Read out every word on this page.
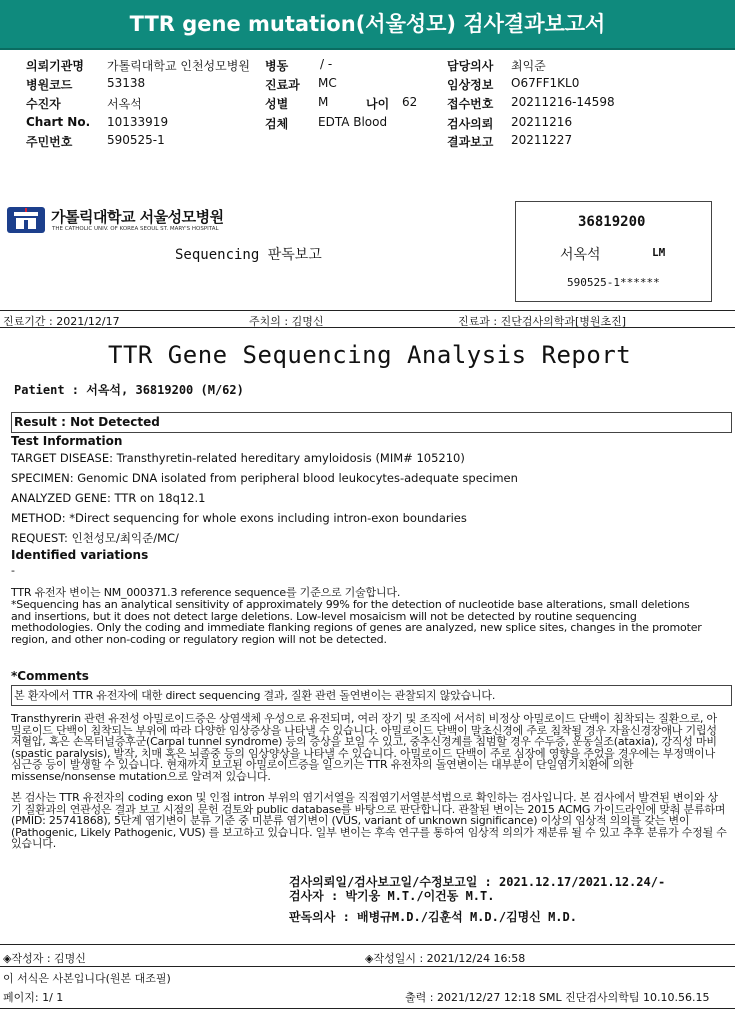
TTR gene mutation(서울성모) 검사결과보고서
의뢰기관명 가톨릭대학교 인천성모병원
병원코드	53138
수진자	서옥석
Chart No. 10133919
주민번호	590525-1
병동	/ -
진료과 MC
성별 M	나이 62
검체 EDTA Blood
담당의사 최익준
임상정보 O67FF1KL0
접수번호 20211216-14598
검사의뢰 20211216
결과보고 20211227
가톨릭대학교 서울성모병원
THE CATHOLIC UNIV. OF KOREA SEOUL ST. MARY'S HOSPITAL
Sequencing 판독보고
36819200
서옥석	LM
590525-1******
진료기간 : 2021/12/17	주치의 : 김명신	진료과 : 진단검사의학과[병원초진]
TTR Gene Sequencing Analysis Report
Patient : 서옥석, 36819200 (M/62)
Result : Not Detected
Test Information
TARGET DISEASE: Transthyretin-related hereditary amyloidosis (MIM# 105210)
SPECIMEN: Genomic DNA isolated from peripheral blood leukocytes-adequate specimen
ANALYZED GENE: TTR on 18q12.1
METHOD: *Direct sequencing for whole exons including intron-exon boundaries
REQUEST: 인천성모/최익준/MC/
Identified variations
-
TTR 유전자 변이는 NM_000371.3 reference sequence를 기준으로 기술합니다.
*Sequencing has an analytical sensitivity of approximately 99% for the detection of nucleotide base alterations, small deletions and insertions, but it does not detect large deletions. Low-level mosaicism will not be detected by routine sequencing methodologies. Only the coding and immediate flanking regions of genes are analyzed, new splice sites, changes in the promoter region, and other non-coding or regulatory region will not be detected.
*Comments
본 환자에서 TTR 유전자에 대한 direct sequencing 결과, 질환 관련 돌연변이는 관찰되지 않았습니다.
Transthyrerin 관련 유전성 아밀로이드증은 상염색체 우성으로 유전되며, 여러 장기 및 조직에 서서히 비정상 아밀로이드 단백이 침착되는 질환으로, 아밀로이드 단백이 침착되는 부위에 따라 다양한 임상증상을 나타낼 수 있습니다. 아밀로이드 단백이 말초신경에 주로 침착될 경우 자율신경장애나 기립성 저혈압, 혹은 손목터널증후군(Carpal tunnel syndrome) 등의 증상을 보일 수 있고, 중추신경계를 침범할 경우 수두증, 운동실조(ataxia), 강직성 마비(spastic paralysis), 발작, 치매 혹은 뇌졸중 등의 임상양상을 나타낼 수 있습니다. 아밀로이드 단백이 주로 심장에 영향을 주었을 경우에는 부정맥이나 심근증 등이 발생할 수 있습니다. 현재까지 보고된 아밀로이드증을 일으키는 TTR 유전자의 돌연변이는 대부분이 단일염기치환에 의한 missense/nonsense mutation으로 알려져 있습니다.
본 검사는 TTR 유전자의 coding exon 및 인접 intron 부위의 염기서열을 직접염기서열분석법으로 확인하는 검사입니다. 본 검사에서 발견된 변이와 상기 질환과의 연관성은 결과 보고 시점의 문헌 검토와 public database를 바탕으로 판단합니다. 관찰된 변이는 2015 ACMG 가이드라인에 맞춰 분류하며 (PMID: 25741868), 5단계 염기변이 분류 기준 중 미분류 염기변이 (VUS, variant of unknown significance) 이상의 임상적 의의를 갖는 변이 (Pathogenic, Likely Pathogenic, VUS) 를 보고하고 있습니다. 일부 변이는 후속 연구를 통하여 임상적 의의가 재분류 될 수 있고 추후 분류가 수정될 수 있습니다.
검사의뢰일/검사보고일/수정보고일 : 2021.12.17/2021.12.24/-
검사자 : 박기웅 M.T./이건동 M.T.
판독의사 : 배병규M.D./김훈석 M.D./김명신 M.D.
◈작성자 : 김명신	◈작성일시 : 2021/12/24 16:58
이 서식은 사본입니다(원본 대조필)
페이지: 1/ 1	출력 : 2021/12/27 12:18 SML 진단검사의학팀 10.10.56.15
